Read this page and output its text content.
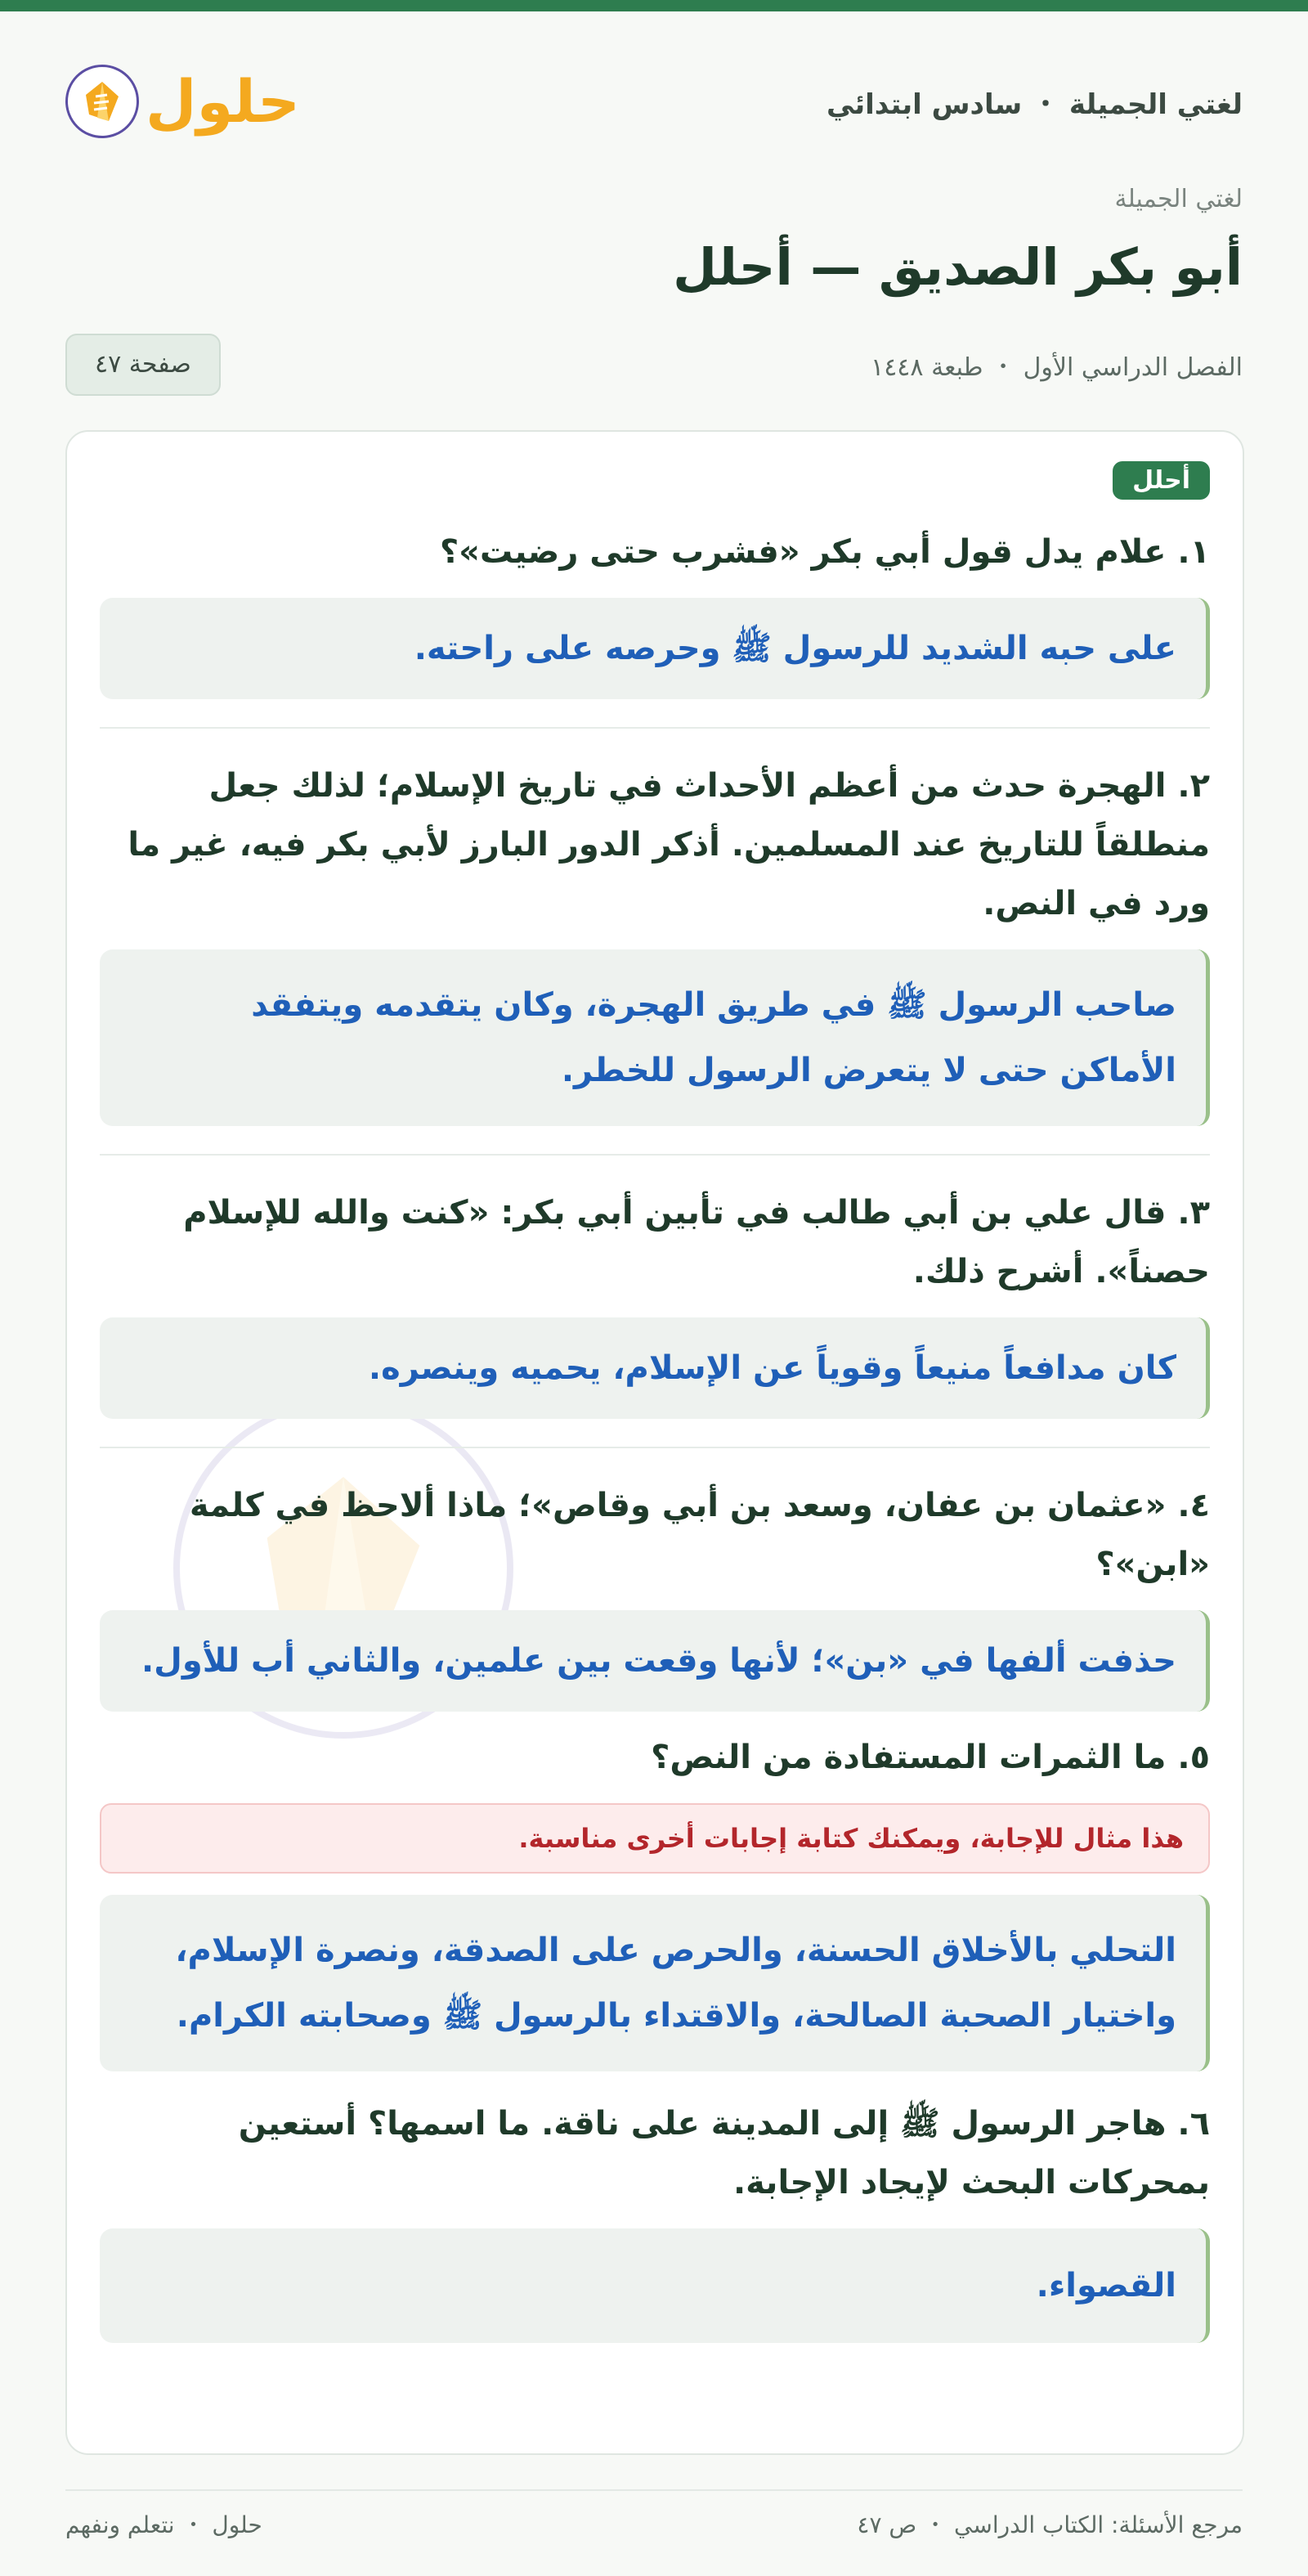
لغتي الجميلة ・ سادس ابتدائي
حلول
لغتي الجميلة
أبو بكر الصديق — أحلل
الفصل الدراسي الأول ・ طبعة ١٤٤٨
صفحة ٤٧
أحلل

١. علام يدل قول أبي بكر «فشرب حتى رضيت»؟

على حبه الشديد للرسول ﷺ وحرصه على راحته.

٢. الهجرة حدث من أعظم الأحداث في تاريخ الإسلام؛ لذلك جعل منطلقاً للتاريخ عند المسلمين. أذكر الدور البارز لأبي بكر فيه، غير ما ورد في النص.

صاحب الرسول ﷺ في طريق الهجرة، وكان يتقدمه ويتفقد الأماكن حتى لا يتعرض الرسول للخطر.

٣. قال علي بن أبي طالب في تأبين أبي بكر: «كنت والله للإسلام حصناً». أشرح ذلك.

كان مدافعاً منيعاً وقوياً عن الإسلام، يحميه وينصره.

٤. «عثمان بن عفان، وسعد بن أبي وقاص»؛ ماذا ألاحظ في كلمة «ابن»؟

حذفت ألفها في «بن»؛ لأنها وقعت بين علمين، والثاني أب للأول.

٥. ما الثمرات المستفادة من النص؟

هذا مثال للإجابة، ويمكنك كتابة إجابات أخرى مناسبة.
التحلي بالأخلاق الحسنة، والحرص على الصدقة، ونصرة الإسلام، واختيار الصحبة الصالحة، والاقتداء بالرسول ﷺ وصحابته الكرام.

٦. هاجر الرسول ﷺ إلى المدينة على ناقة. ما اسمها؟ أستعين بمحركات البحث لإيجاد الإجابة.

القصواء.
مرجع الأسئلة: الكتاب الدراسي ・ ص ٤٧
حلول ・ نتعلم ونفهم
